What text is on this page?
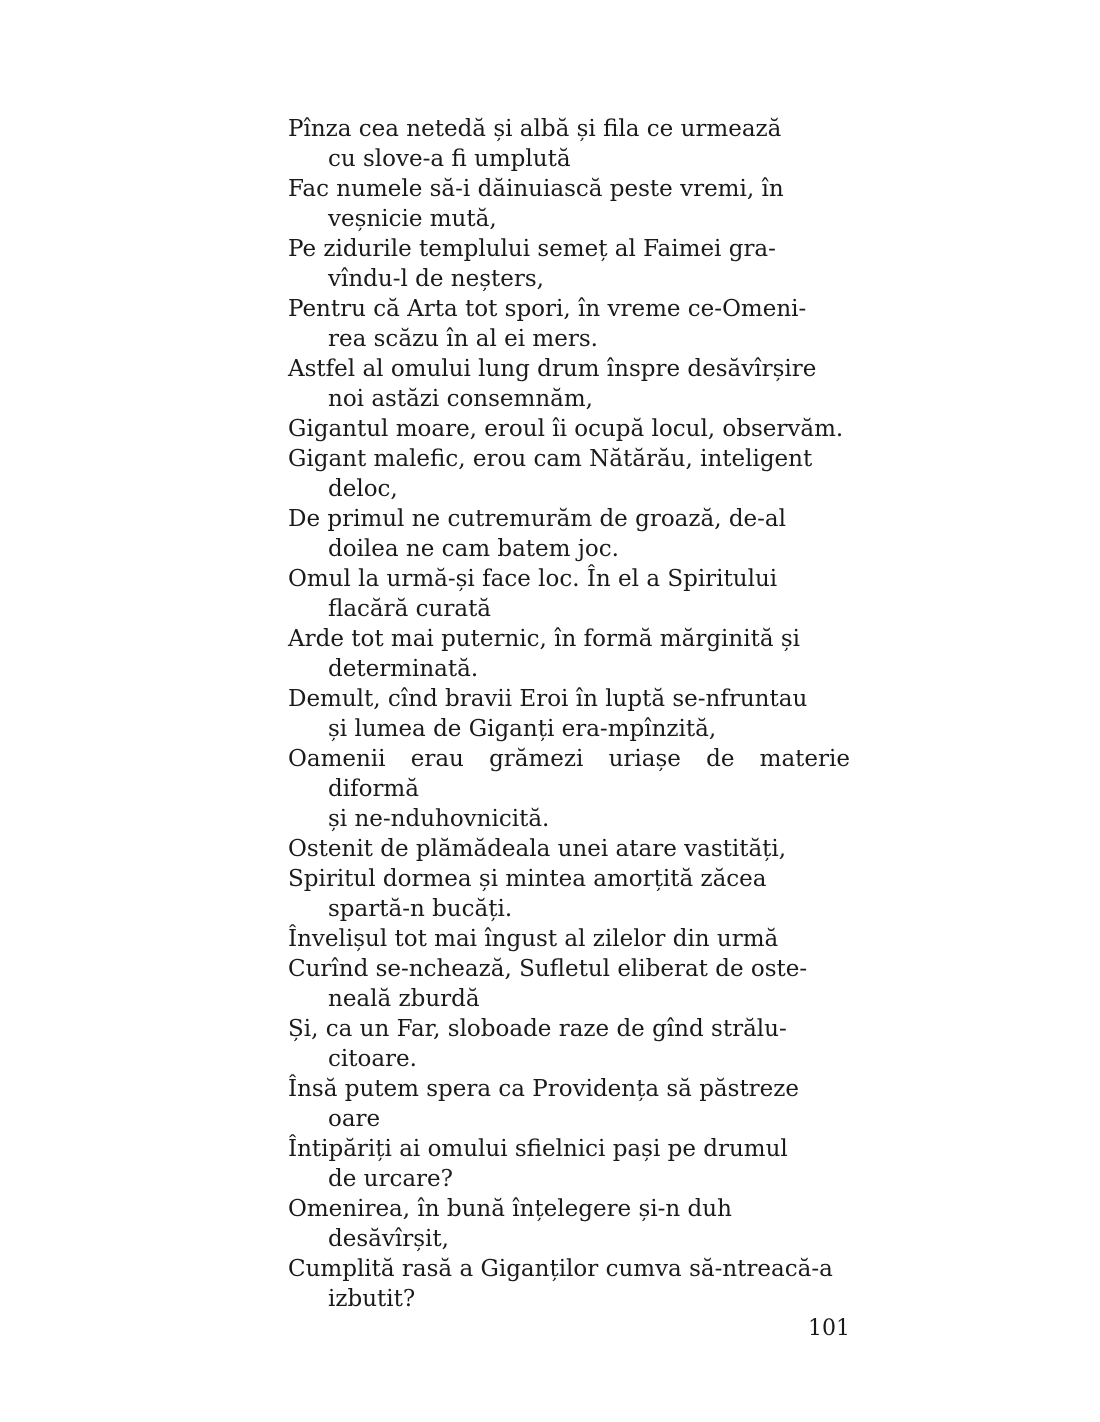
Pînza cea netedă și albă și fila ce urmează
cu slove-a fi umplută

Fac numele să-i dăinuiască peste vremi, în
veșnicie mută,

Pe zidurile templului semeț al Faimei gra-
vîndu-l de neșters,

Pentru că Arta tot spori, în vreme ce-Omeni-
rea scăzu în al ei mers.

Astfel al omului lung drum înspre desăvîrșire
noi astăzi consemnăm,

Gigantul moare, eroul îi ocupă locul, observăm.

Gigant malefic, erou cam Nătărău, inteligent
deloc,

De primul ne cutremurăm de groază, de-al
doilea ne cam batem joc.

Omul la urmă-și face loc. În el a Spiritului
flacără curată

Arde tot mai puternic, în formă mărginită și
determinată.

Demult, cînd bravii Eroi în luptă se-nfruntau
și lumea de Giganți era-mpînzită,

Oamenii erau grămezi uriașe de materie diformă
și ne-nduhovnicită.

Ostenit de plămădeala unei atare vastități,

Spiritul dormea și mintea amorțită zăcea
spartă-n bucăți.

Învelișul tot mai îngust al zilelor din urmă

Curînd se-nchează, Sufletul eliberat de oste-
neală zburdă

Și, ca un Far, sloboade raze de gînd strălu-
citoare.

Însă putem spera ca Providența să păstreze
oare

Întipăriți ai omului sfielnici pași pe drumul
de urcare?

Omenirea, în bună înțelegere și-n duh
desăvîrșit,

Cumplită rasă a Giganților cumva să-ntreacă-a
izbutit?

101
